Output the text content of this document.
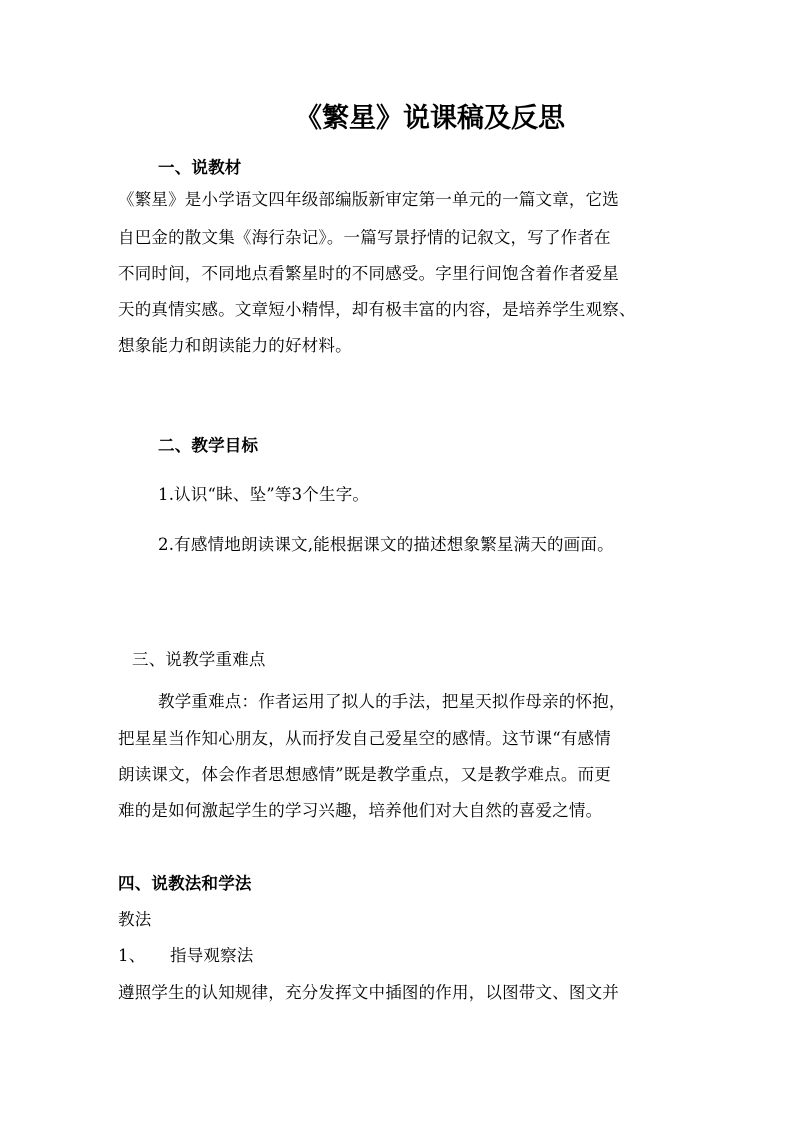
《繁星》说课稿及反思
一、说教材
《繁星》是小学语文四年级部编版新审定第一单元的一篇文章，它选
自巴金的散文集《海行杂记》。一篇写景抒情的记叙文，写了作者在
不同时间，不同地点看繁星时的不同感受。字里行间饱含着作者爱星
天的真情实感。文章短小精悍，却有极丰富的内容，是培养学生观察、
想象能力和朗读能力的好材料。
二、教学目标
1.认识“眛、坠”等3个生字。
2.有感情地朗读课文,能根据课文的描述想象繁星满天的画面。
三、说教学重难点
教学重难点：作者运用了拟人的手法，把星天拟作母亲的怀抱，
把星星当作知心朋友，从而抒发自己爱星空的感情。这节课“有感情
朗读课文，体会作者思想感情”既是教学重点，又是教学难点。而更
难的是如何激起学生的学习兴趣，培养他们对大自然的喜爱之情。
四、说教法和学法
教法
1、 指导观察法
遵照学生的认知规律，充分发挥文中插图的作用，以图带文、图文并
